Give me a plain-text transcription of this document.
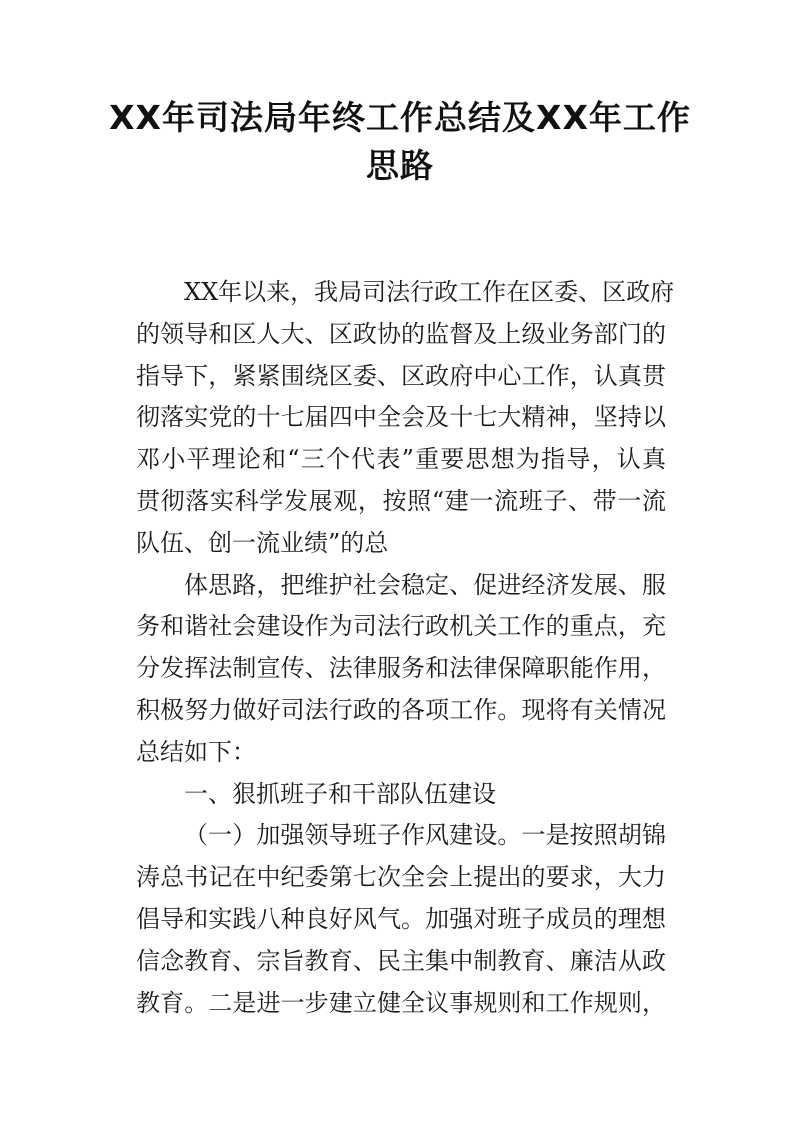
XX年司法局年终工作总结及XX年工作
思路
XX年以来，我局司法行政工作在区委、区政府
的领导和区人大、区政协的监督及上级业务部门的
指导下，紧紧围绕区委、区政府中心工作，认真贯
彻落实党的十七届四中全会及十七大精神，坚持以
邓小平理论和“三个代表”重要思想为指导，认真
贯彻落实科学发展观，按照“建一流班子、带一流
队伍、创一流业绩”的总
体思路，把维护社会稳定、促进经济发展、服
务和谐社会建设作为司法行政机关工作的重点，充
分发挥法制宣传、法律服务和法律保障职能作用，
积极努力做好司法行政的各项工作。现将有关情况
总结如下：
一、狠抓班子和干部队伍建设
（一）加强领导班子作风建设。一是按照胡锦
涛总书记在中纪委第七次全会上提出的要求，大力
倡导和实践八种良好风气。加强对班子成员的理想
信念教育、宗旨教育、民主集中制教育、廉洁从政
教育。二是进一步建立健全议事规则和工作规则，
